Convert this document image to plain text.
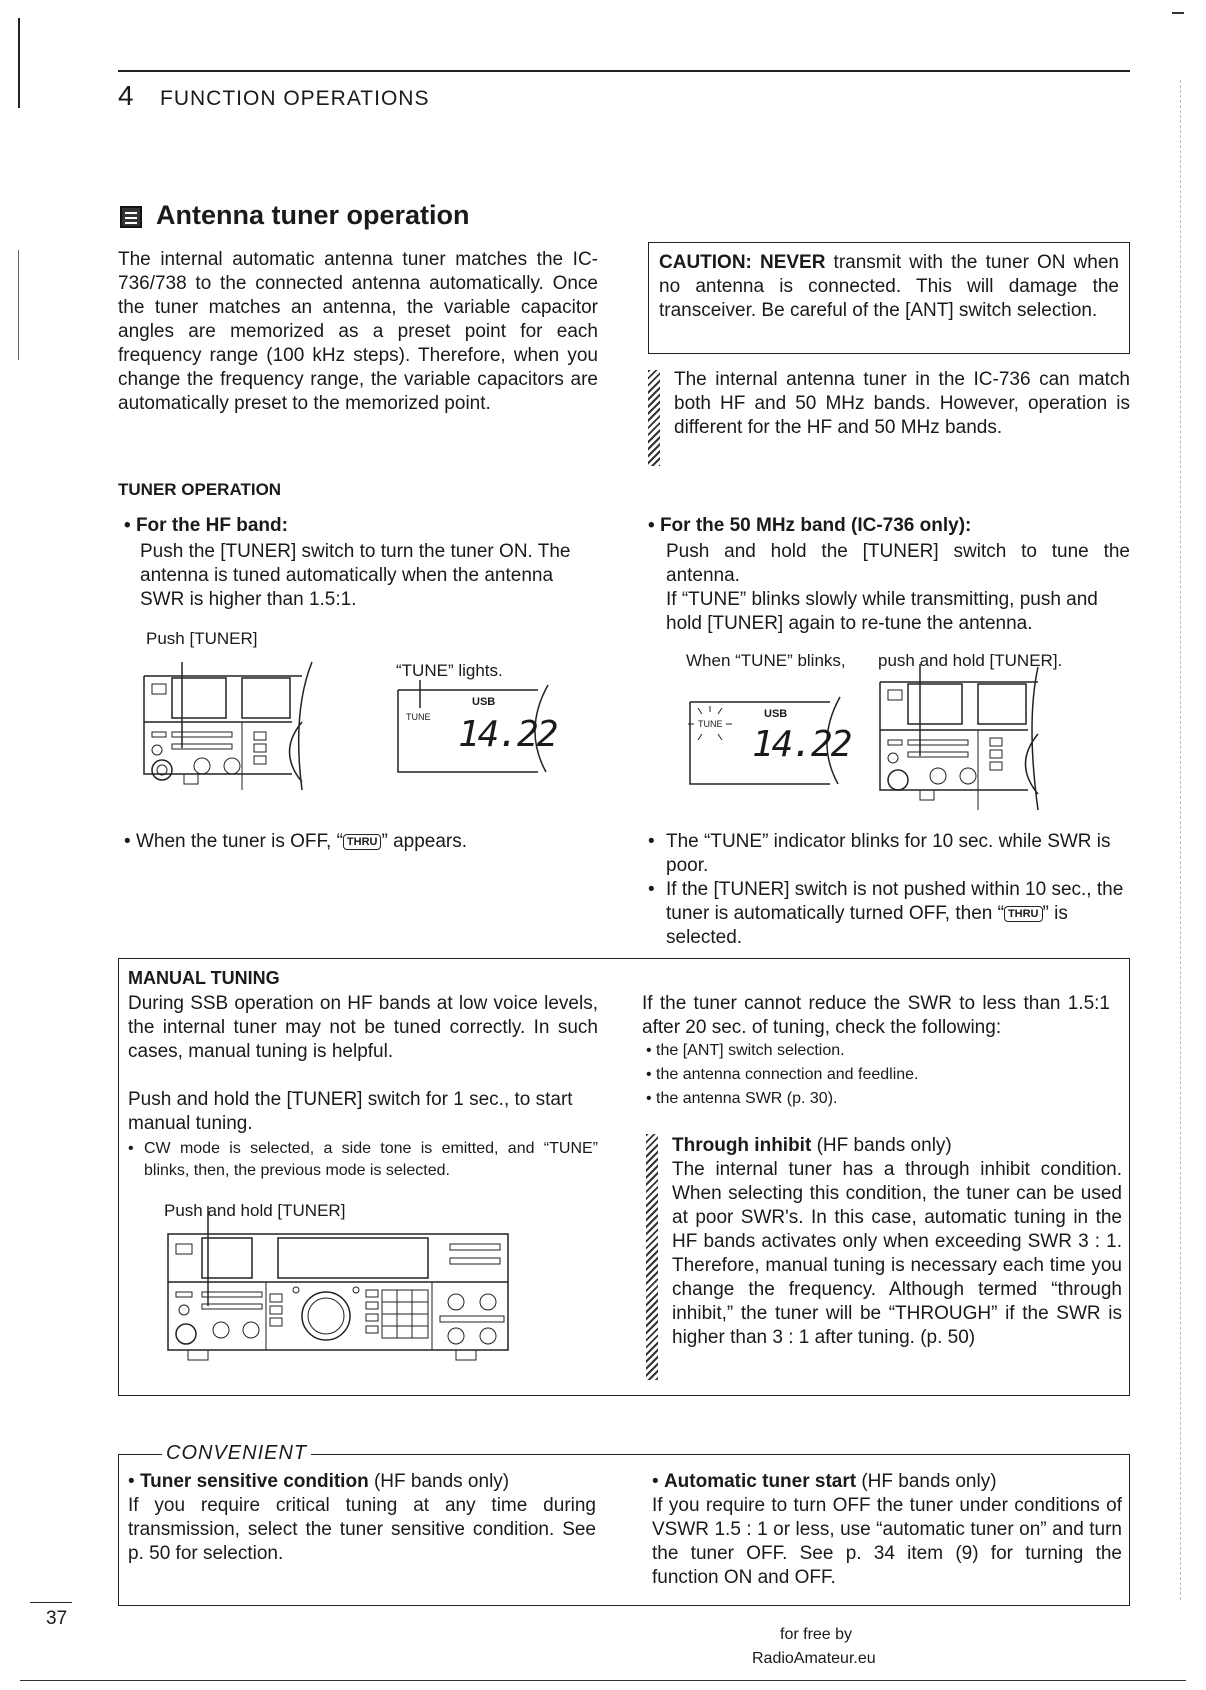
4 FUNCTION OPERATIONS
Antenna tuner operation

The internal automatic antenna tuner matches the IC-736/738 to the connected antenna automatically. Once the tuner matches an antenna, the variable capacitor angles are memorized as a preset point for each frequency range (100 kHz steps). Therefore, when you change the frequency range, the variable capacitors are automatically preset to the memorized point.

CAUTION: NEVER transmit with the tuner ON when no antenna is connected. This will damage the transceiver. Be careful of the [ANT] switch selection.

The internal antenna tuner in the IC-736 can match both HF and 50 MHz bands. However, operation is different for the HF and 50 MHz bands.

TUNER OPERATION
• For the HF band:

Push the [TUNER] switch to turn the tuner ON. The antenna is tuned automatically when the antenna SWR is higher than 1.5:1.

Push [TUNER]
“TUNE” lights.
USB
TUNE 14.22
• When the tuner is OFF, “ THRU ” appears.
• For the 50 MHz band (IC-736 only):

Push and hold the [TUNER] switch to tune the antenna.

If “TUNE” blinks slowly while transmitting, push and hold [TUNER] again to re-tune the antenna.

When “TUNE” blinks, push and hold [TUNER].
USB
TUNE 14.22
• The “TUNE” indicator blinks for 10 sec. while SWR is poor.

• If the [TUNER] switch is not pushed within 10 sec., the tuner is automatically turned OFF, then “ THRU ” is selected.

MANUAL TUNING

During SSB operation on HF bands at low voice levels, the internal tuner may not be tuned correctly. In such cases, manual tuning is helpful.

Push and hold the [TUNER] switch for 1 sec., to start manual tuning.

• CW mode is selected, a side tone is emitted, and “TUNE” blinks, then, the previous mode is selected.

Push and hold [TUNER]

If the tuner cannot reduce the SWR to less than 1.5:1 after 20 sec. of tuning, check the following:

• the [ANT] switch selection.
• the antenna connection and feedline.
• the antenna SWR (p. 30).
Through inhibit (HF bands only)

The internal tuner has a through inhibit condition. When selecting this condition, the tuner can be used at poor SWR's. In this case, automatic tuning in the HF bands activates only when exceeding SWR 3 : 1. Therefore, manual tuning is necessary each time you change the frequency. Although termed “through inhibit,” the tuner will be “THROUGH” if the SWR is higher than 3 : 1 after tuning. (p. 50)

CONVENIENT
• Tuner sensitive condition (HF bands only)

If you require critical tuning at any time during transmission, select the tuner sensitive condition. See p. 50 for selection.

• Automatic tuner start (HF bands only)

If you require to turn OFF the tuner under conditions of VSWR 1.5 : 1 or less, use “automatic tuner on” and turn the tuner OFF. See p. 34 item (9) for turning the function ON and OFF.

37
for free by
RadioAmateur.eu
